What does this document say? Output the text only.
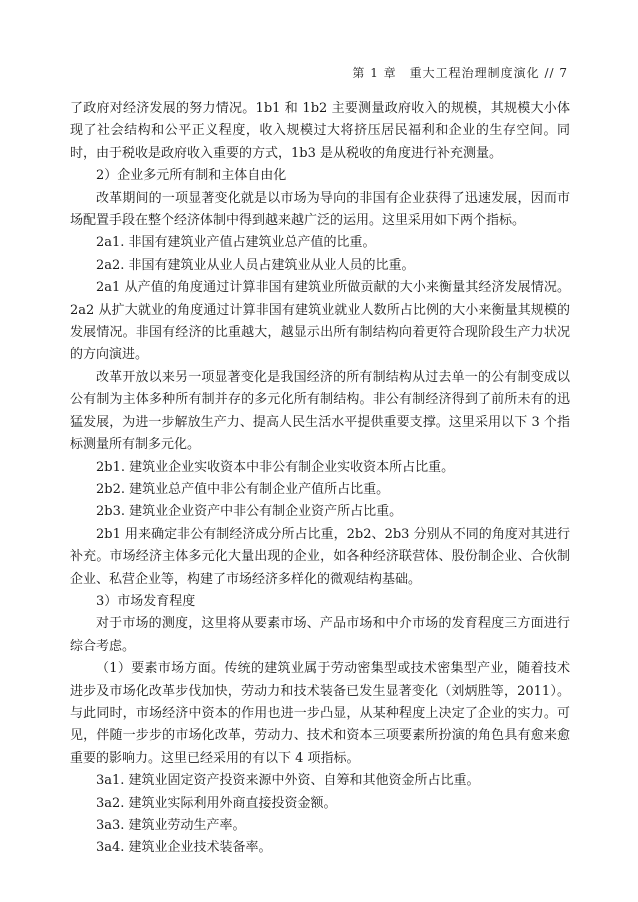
第 1 章　重大工程治理制度演化 // 7

了政府对经济发展的努力情况。1b1 和 1b2 主要测量政府收入的规模，其规模大小体现了社会结构和公平正义程度，收入规模过大将挤压居民福利和企业的生存空间。同时，由于税收是政府收入重要的方式，1b3 是从税收的角度进行补充测量。

2）企业多元所有制和主体自由化

改革期间的一项显著变化就是以市场为导向的非国有企业获得了迅速发展，因而市场配置手段在整个经济体制中得到越来越广泛的运用。这里采用如下两个指标。

2a1. 非国有建筑业产值占建筑业总产值的比重。

2a2. 非国有建筑业从业人员占建筑业从业人员的比重。

2a1 从产值的角度通过计算非国有建筑业所做贡献的大小来衡量其经济发展情况。2a2 从扩大就业的角度通过计算非国有建筑业就业人数所占比例的大小来衡量其规模的发展情况。非国有经济的比重越大，越显示出所有制结构向着更符合现阶段生产力状况的方向演进。

改革开放以来另一项显著变化是我国经济的所有制结构从过去单一的公有制变成以公有制为主体多种所有制并存的多元化所有制结构。非公有制经济得到了前所未有的迅猛发展，为进一步解放生产力、提高人民生活水平提供重要支撑。这里采用以下 3 个指标测量所有制多元化。

2b1. 建筑业企业实收资本中非公有制企业实收资本所占比重。

2b2. 建筑业总产值中非公有制企业产值所占比重。

2b3. 建筑业企业资产中非公有制企业资产所占比重。

2b1 用来确定非公有制经济成分所占比重，2b2、2b3 分别从不同的角度对其进行补充。市场经济主体多元化大量出现的企业，如各种经济联营体、股份制企业、合伙制企业、私营企业等，构建了市场经济多样化的微观结构基础。

3）市场发育程度

对于市场的测度，这里将从要素市场、产品市场和中介市场的发育程度三方面进行综合考虑。

（1）要素市场方面。传统的建筑业属于劳动密集型或技术密集型产业，随着技术进步及市场化改革步伐加快，劳动力和技术装备已发生显著变化（刘炳胜等，2011）。与此同时，市场经济中资本的作用也进一步凸显，从某种程度上决定了企业的实力。可见，伴随一步步的市场化改革，劳动力、技术和资本三项要素所扮演的角色具有愈来愈重要的影响力。这里已经采用的有以下 4 项指标。

3a1. 建筑业固定资产投资来源中外资、自筹和其他资金所占比重。

3a2. 建筑业实际利用外商直接投资金额。

3a3. 建筑业劳动生产率。

3a4. 建筑业企业技术装备率。
